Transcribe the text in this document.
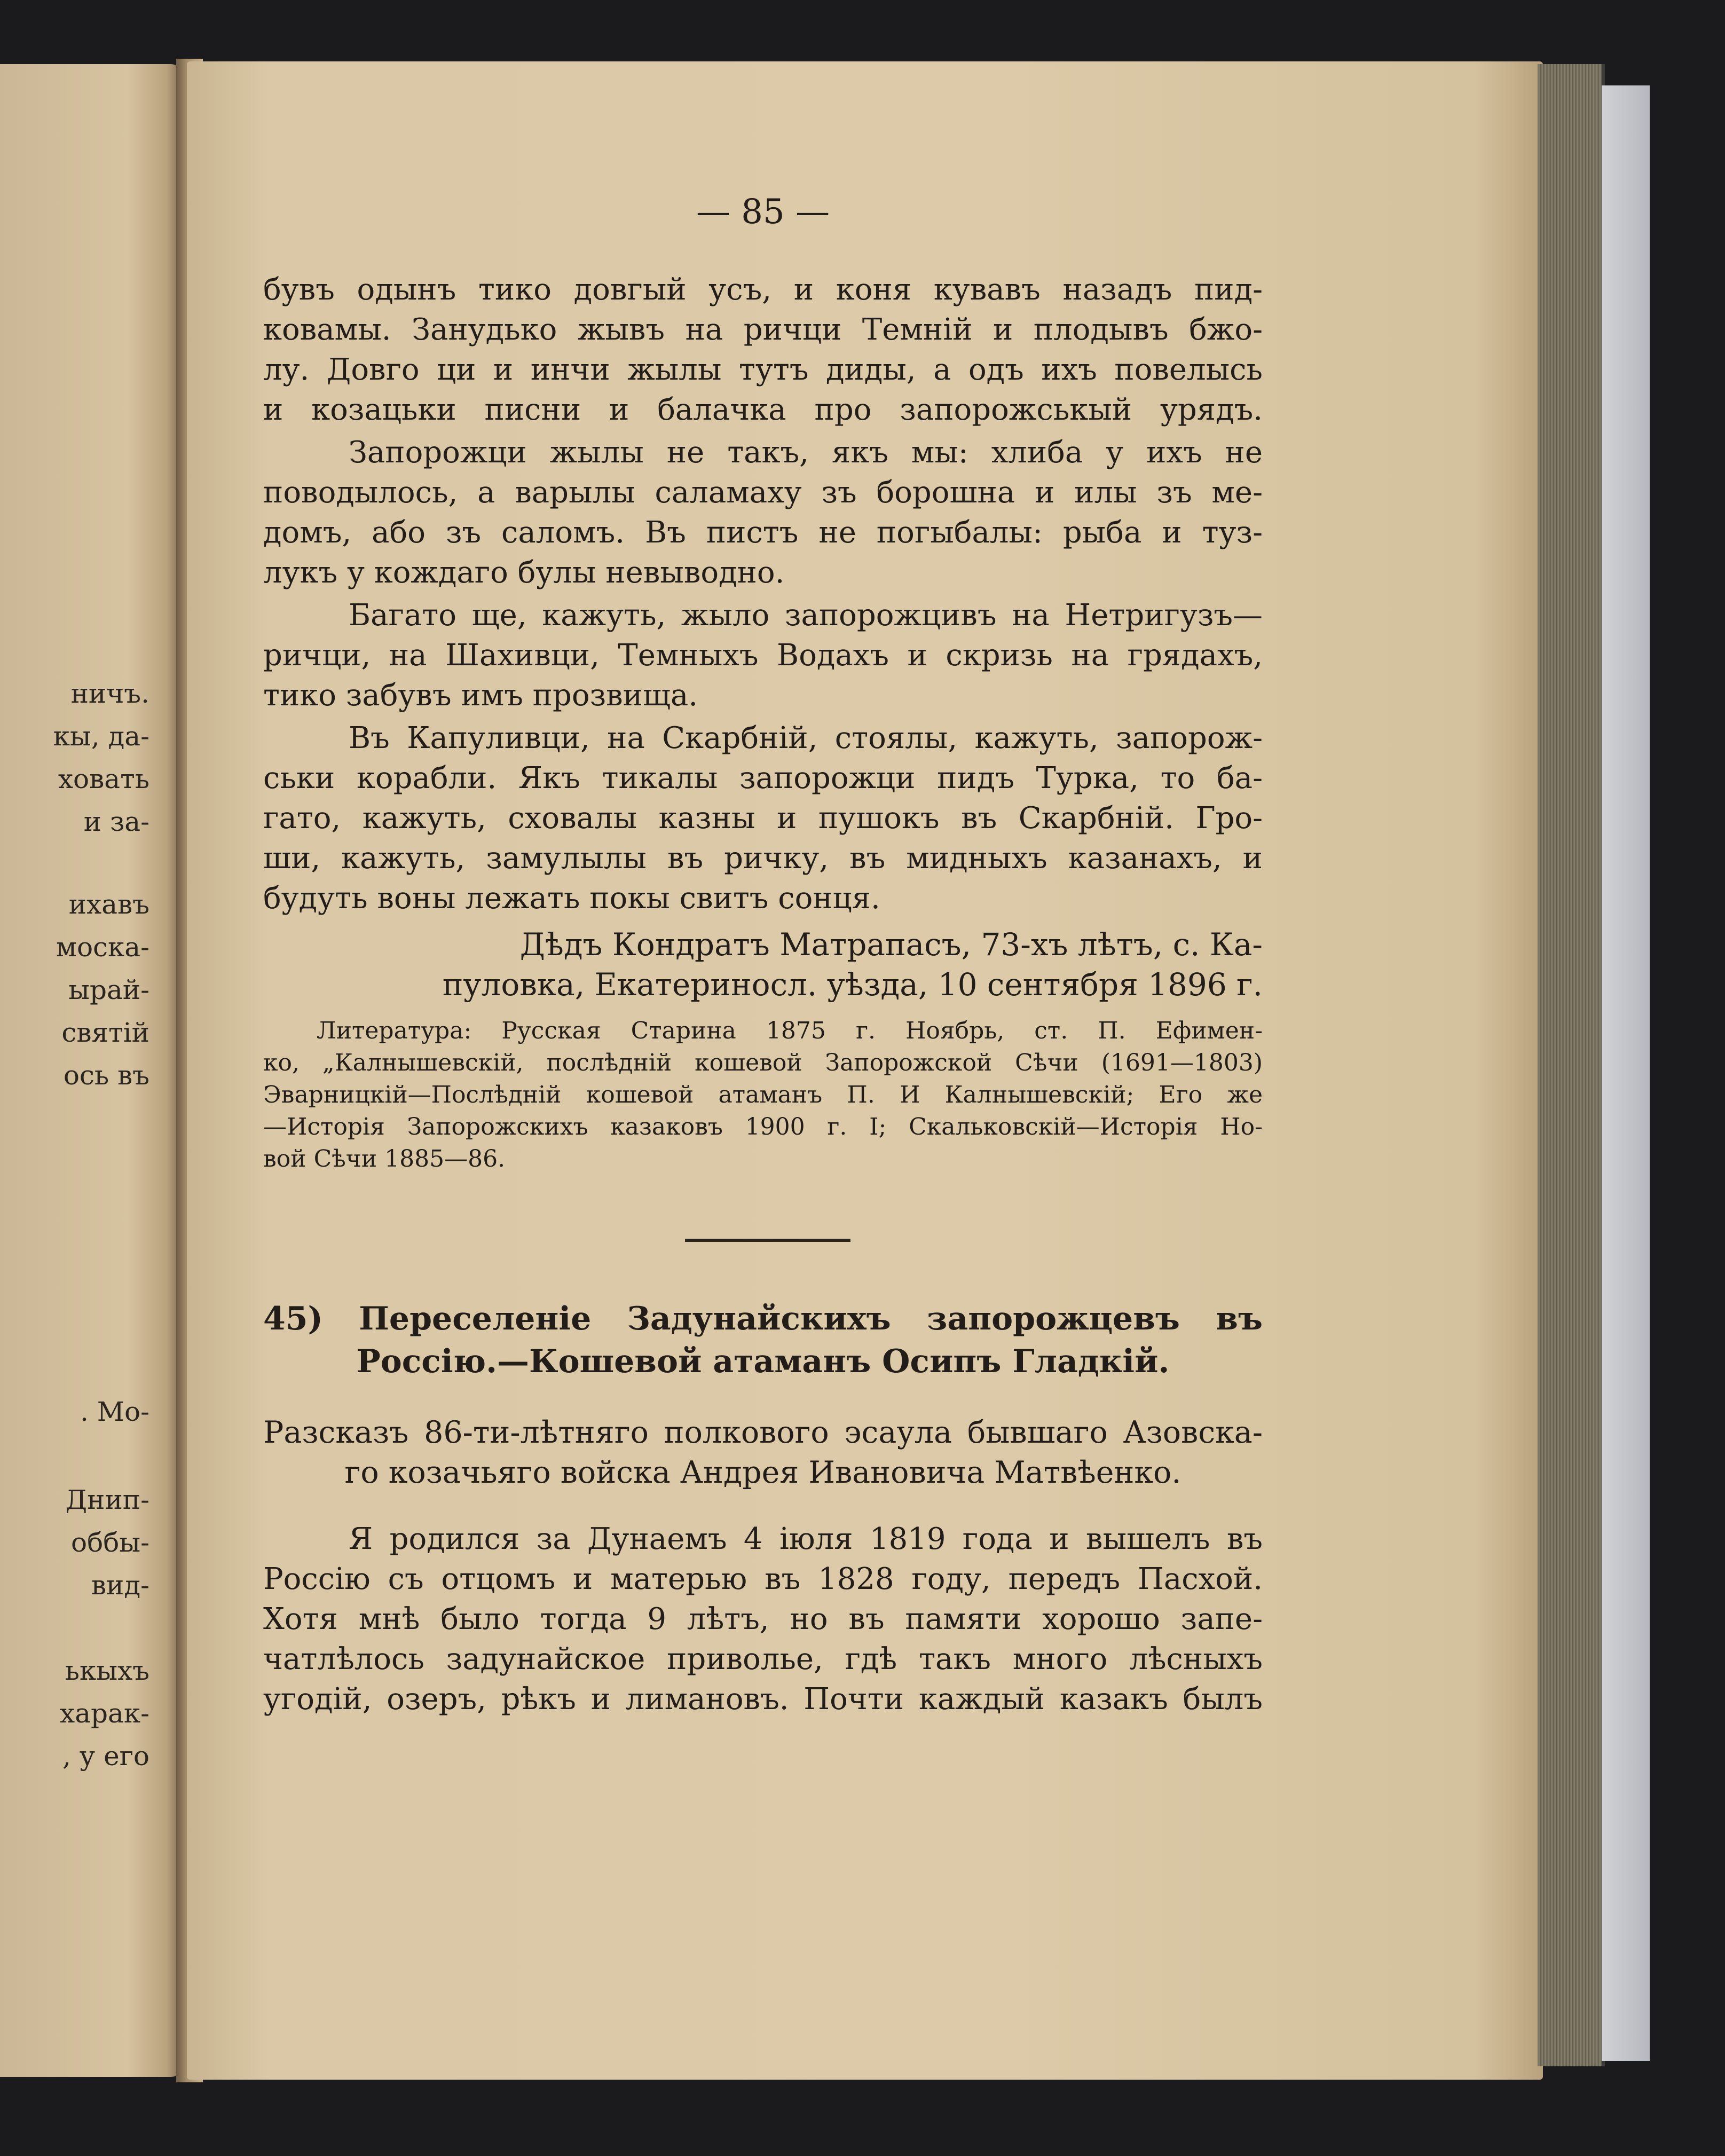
ничъ.
кы, да-
ховать
и за-
ихавъ
моска-
ырай-
святiй
ось въ
. Мо-
Днип-
оббы-
вид-
ькыхъ
харак-
, у его
— 85 —
бувъ одынъ тико довгый усъ, и коня кувавъ назадъ пид-
ковамы. Занудько жывъ на ричци Темнiй и плодывъ бжо-
лу. Довго ци и инчи жылы тутъ диды, а одъ ихъ повелысь
и козацьки писни и балачка про запорожськый урядъ.
Запорожци жылы не такъ, якъ мы: хлиба у ихъ не
поводылось, а варылы саламаху зъ борошна и илы зъ ме-
домъ, або зъ саломъ. Въ пистъ не погыбалы: рыба и туз-
лукъ у кождаго булы невыводно.
Багато ще, кажуть, жыло запорожцивъ на Нетригузъ—
ричци, на Шахивци, Темныхъ Водахъ и скризь на грядахъ,
тико забувъ имъ прозвища.
Въ Капуливци, на Скарбнiй, стоялы, кажуть, запорож-
ськи корабли. Якъ тикалы запорожци пидъ Турка, то ба-
гато, кажуть, сховалы казны и пушокъ въ Скарбнiй. Гро-
ши, кажуть, замулылы въ ричку, въ мидныхъ казанахъ, и
будуть воны лежать покы свитъ сонця.
Дѣдъ Кондратъ Матрапасъ, 73-хъ лѣтъ, с. Ка-
пуловка, Екатериносл. уѣзда, 10 сентября 1896 г.
Литература: Русская Старина 1875 г. Ноябрь, ст. П. Ефимен-
ко, „Калнышевскiй, послѣднiй кошевой Запорожской Сѣчи (1691—1803)
Эварницкiй—Послѣднiй кошевой атаманъ П. И Калнышевскiй; Его же
—Исторiя Запорожскихъ казаковъ 1900 г. I; Скальковскiй—Исторiя Но-
вой Сѣчи 1885—86.
45) Переселенiе Задунайскихъ запорожцевъ въ
Россiю.—Кошевой атаманъ Осипъ Гладкiй.
Разсказъ 86-ти-лѣтняго полкового эсаула бывшаго Азовска-
го козачьяго войска Андрея Ивановича Матвѣенко.
Я родился за Дунаемъ 4 iюля 1819 года и вышелъ въ
Россiю съ отцомъ и матерью въ 1828 году, передъ Пасхой.
Хотя мнѣ было тогда 9 лѣтъ, но въ памяти хорошо запе-
чатлѣлось задунайское приволье, гдѣ такъ много лѣсныхъ
угодiй, озеръ, рѣкъ и лимановъ. Почти каждый казакъ былъ
